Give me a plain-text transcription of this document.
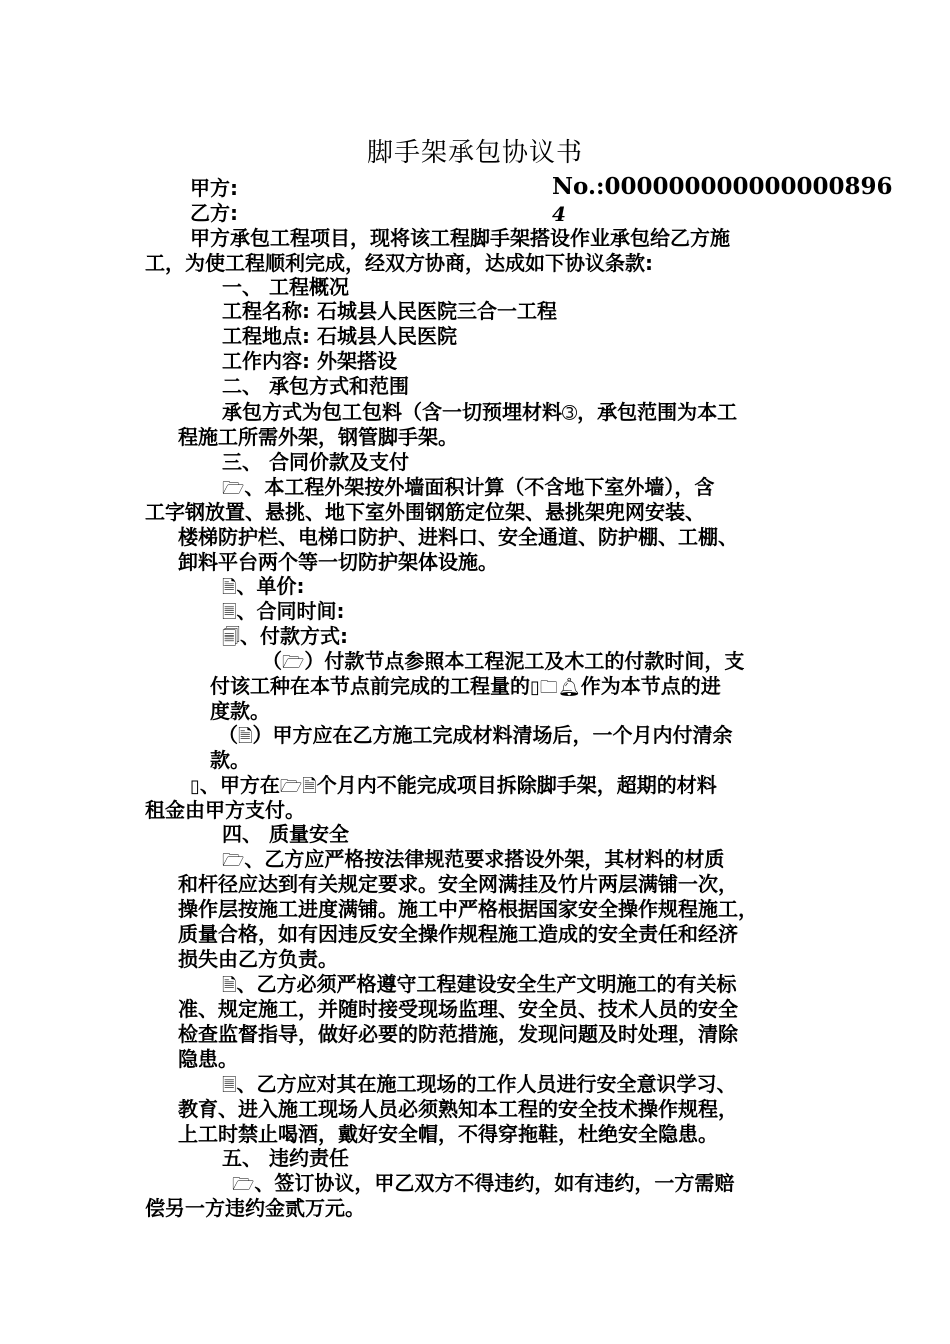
脚手架承包协议书
甲方:	No.:000000000000000896
乙方:	4
甲方承包工程项目，现将该工程脚手架搭设作业承包给乙方施
工，为使工程顺利完成，经双方协商，达成如下协议条款:
一、 工程概况
工程名称: 石城县人民医院三合一工程
工程地点: 石城县人民医院
工作内容: 外架搭设
二、 承包方式和范围
承包方式为包工包料（含一切预埋材料➂，承包范围为本工
程施工所需外架，钢管脚手架。
三、 合同价款及支付
🗁、本工程外架按外墙面积计算（不含地下室外墙），含
工字钢放置、悬挑、地下室外围钢筋定位架、悬挑架兜网安装、
楼梯防护栏、电梯口防护、进料口、安全通道、防护棚、工棚、
卸料平台两个等一切防护架体设施。
🗎、单价:
🗏、合同时间:
🗐、付款方式:
（🗁）付款节点参照本工程泥工及木工的付款时间，支
付该工种在本节点前完成的工程量的▯🗀🔔︎作为本节点的进
度款。
（🗎）甲方应在乙方施工完成材料清场后，一个月内付清余
款。
▯、甲方在🗁🗎个月内不能完成项目拆除脚手架，超期的材料
租金由甲方支付。
四、 质量安全
🗁、乙方应严格按法律规范要求搭设外架，其材料的材质
和杆径应达到有关规定要求。安全网满挂及竹片两层满铺一次，
操作层按施工进度满铺。施工中严格根据国家安全操作规程施工，
质量合格，如有因违反安全操作规程施工造成的安全责任和经济
损失由乙方负责。
🗎、乙方必须严格遵守工程建设安全生产文明施工的有关标
准、规定施工，并随时接受现场监理、安全员、技术人员的安全
检查监督指导，做好必要的防范措施，发现问题及时处理，清除
隐患。
🗏、乙方应对其在施工现场的工作人员进行安全意识学习、
教育、进入施工现场人员必须熟知本工程的安全技术操作规程，
上工时禁止喝酒，戴好安全帽，不得穿拖鞋，杜绝安全隐患。
五、 违约责任
🗁、签订协议，甲乙双方不得违约，如有违约，一方需赔
偿另一方违约金贰万元。
